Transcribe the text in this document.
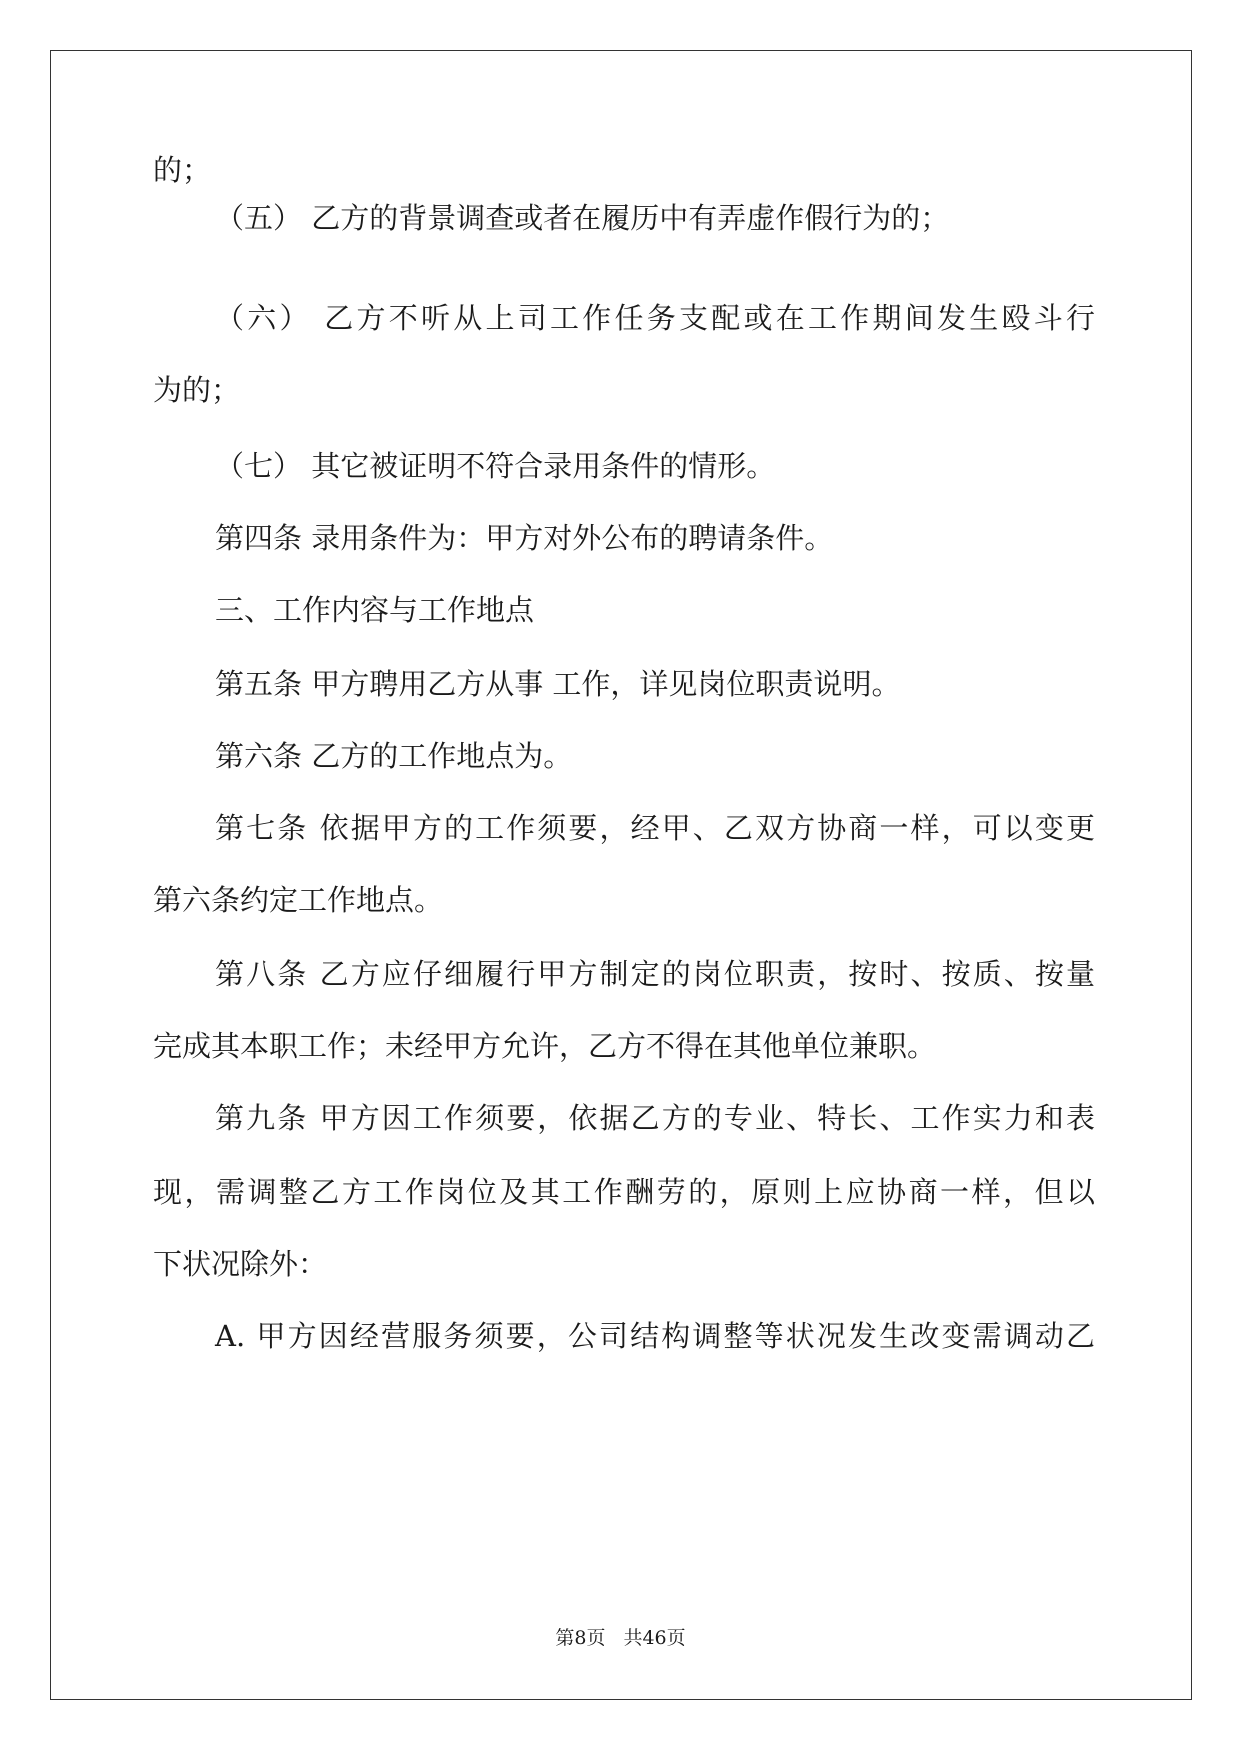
的；
（五） 乙方的背景调查或者在履历中有弄虚作假行为的；
（六） 乙方不听从上司工作任务支配或在工作期间发生殴斗行
为的；
（七） 其它被证明不符合录用条件的情形。
第四条 录用条件为：甲方对外公布的聘请条件。
三、工作内容与工作地点
第五条 甲方聘用乙方从事 工作，详见岗位职责说明。
第六条 乙方的工作地点为。
第七条 依据甲方的工作须要，经甲、乙双方协商一样，可以变更
第六条约定工作地点。
第八条 乙方应仔细履行甲方制定的岗位职责，按时、按质、按量
完成其本职工作；未经甲方允许，乙方不得在其他单位兼职。
第九条 甲方因工作须要，依据乙方的专业、特长、工作实力和表
现，需调整乙方工作岗位及其工作酬劳的，原则上应协商一样，但以
下状况除外：
A. 甲方因经营服务须要，公司结构调整等状况发生改变需调动乙
第8页 共46页
